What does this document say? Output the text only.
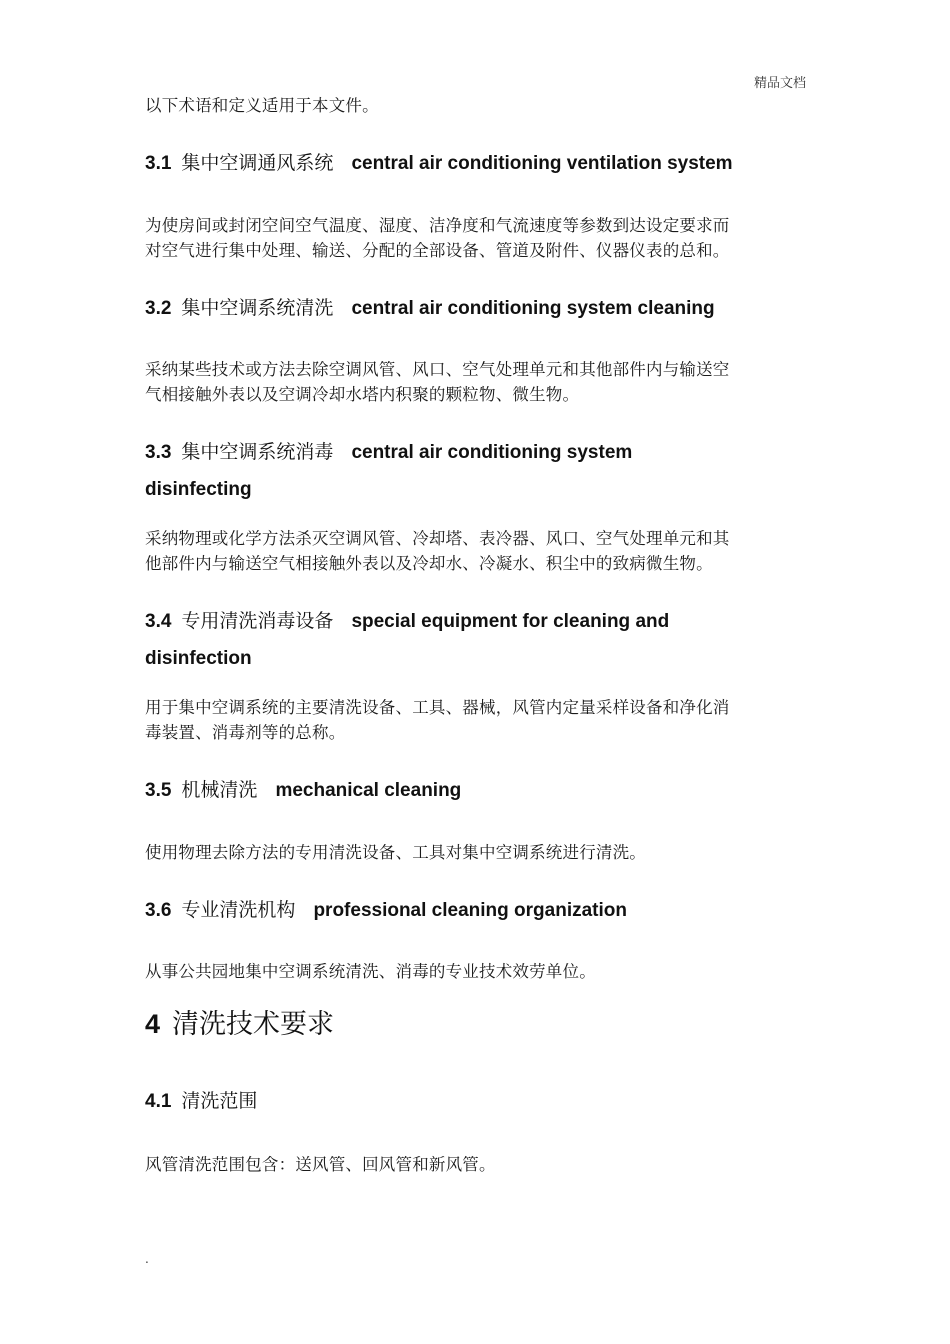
精品文档
以下术语和定义适用于本文件。
3.1 集中空调通风系统 central air conditioning ventilation system
为使房间或封闭空间空气温度、湿度、洁净度和气流速度等参数到达设定要求而
对空气进行集中处理、输送、分配的全部设备、管道及附件、仪器仪表的总和。
3.2 集中空调系统清洗 central air conditioning system cleaning
采纳某些技术或方法去除空调风管、风口、空气处理单元和其他部件内与输送空
气相接触外表以及空调冷却水塔内积聚的颗粒物、微生物。
3.3 集中空调系统消毒 central air conditioning system
disinfecting
采纳物理或化学方法杀灭空调风管、冷却塔、表冷器、风口、空气处理单元和其
他部件内与输送空气相接触外表以及冷却水、冷凝水、积尘中的致病微生物。
3.4 专用清洗消毒设备 special equipment for cleaning and
disinfection
用于集中空调系统的主要清洗设备、工具、器械，风管内定量采样设备和净化消
毒装置、消毒剂等的总称。
3.5 机械清洗 mechanical cleaning
使用物理去除方法的专用清洗设备、工具对集中空调系统进行清洗。
3.6 专业清洗机构 professional cleaning organization
从事公共园地集中空调系统清洗、消毒的专业技术效劳单位。
4 清洗技术要求
4.1 清洗范围
风管清洗范围包含：送风管、回风管和新风管。
.
